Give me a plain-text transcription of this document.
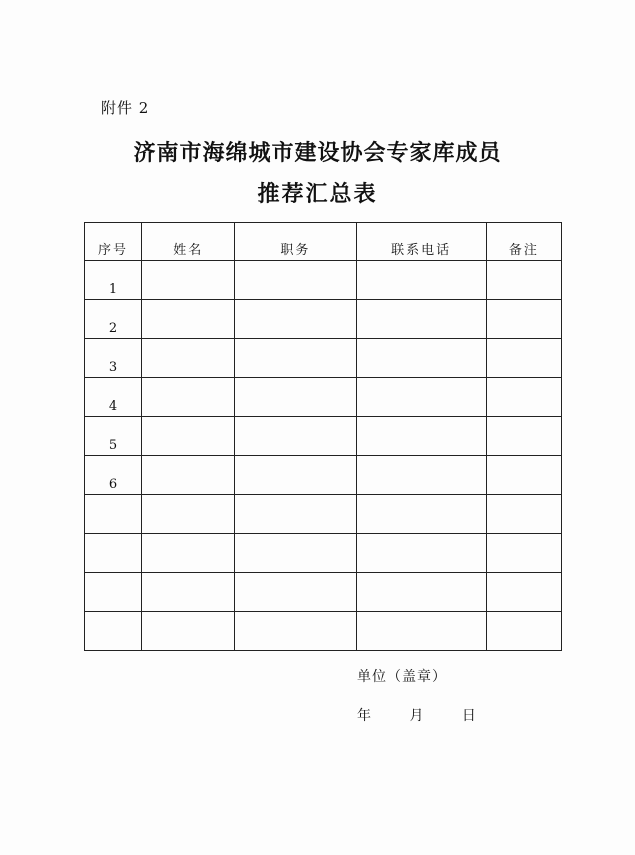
附件 2
济南市海绵城市建设协会专家库成员
推荐汇总表
序号	姓名	职务	联系电话	备注
1				
2				
3				
4				
5				
6				

单位（盖章）
年	月	日
